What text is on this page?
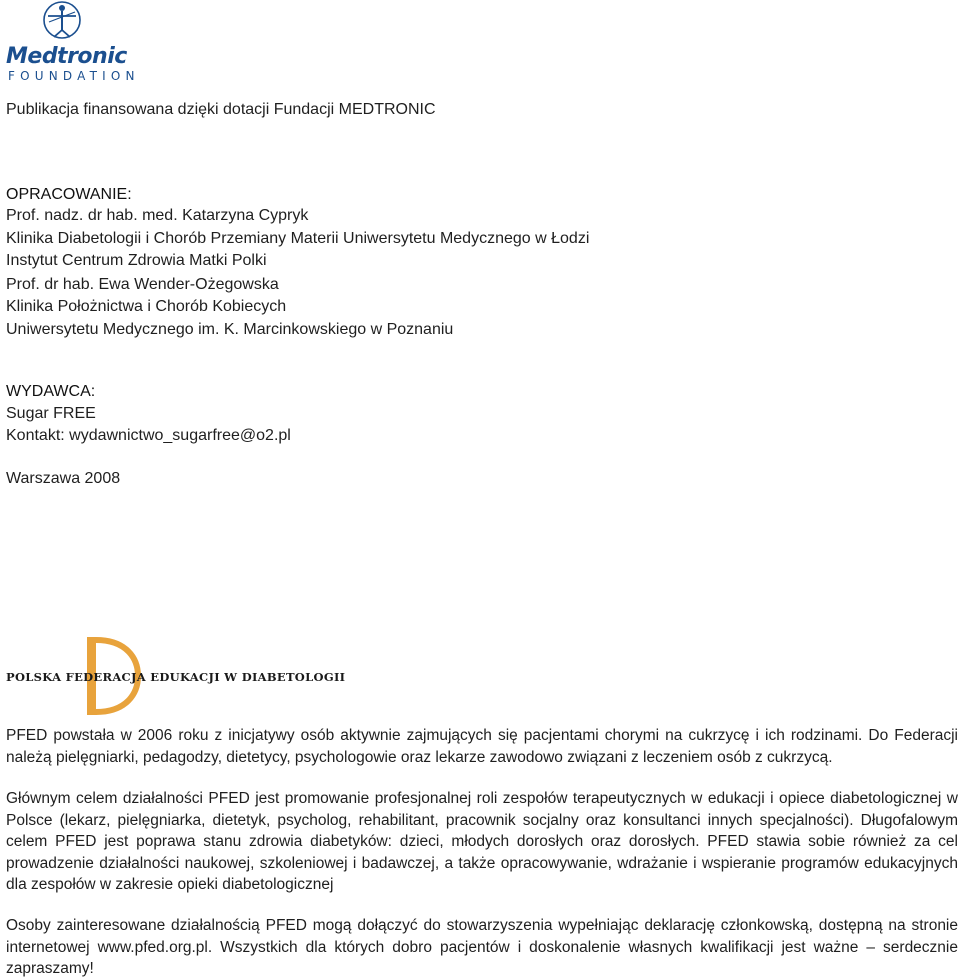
Medtronic
FOUNDATION
Publikacja finansowana dzięki dotacji Fundacji MEDTRONIC
OPRACOWANIE:
Prof. nadz. dr hab. med. Katarzyna Cypryk
Klinika Diabetologii i Chorób Przemiany Materii Uniwersytetu Medycznego w Łodzi
Instytut Centrum Zdrowia Matki Polki
Prof. dr hab. Ewa Wender-Ożegowska
Klinika Położnictwa i Chorób Kobiecych
Uniwersytetu Medycznego im. K. Marcinkowskiego w Poznaniu
WYDAWCA:
Sugar FREE
Kontakt: wydawnictwo_sugarfree@o2.pl
Warszawa 2008
POLSKA FEDERACJA EDUKACJI W DIABETOLOGII
PFED powstała w 2006 roku z inicjatywy osób aktywnie zajmujących się pacjentami chorymi na cukrzycę i ich rodzinami. Do Federacji należą pielęgniarki, pedagodzy, dietetycy, psychologowie oraz lekarze zawodowo związani z leczeniem osób z cukrzycą.
Głównym celem działalności PFED jest promowanie profesjonalnej roli zespołów terapeutycznych w edukacji i opiece diabetologicznej w Polsce (lekarz, pielęgniarka, dietetyk, psycholog, rehabilitant, pracownik socjalny oraz konsultanci innych specjalności). Długofalowym celem PFED jest poprawa stanu zdrowia diabetyków: dzieci, młodych dorosłych oraz dorosłych. PFED stawia sobie również za cel prowadzenie działalności naukowej, szkoleniowej i badawczej, a także opracowywanie, wdrażanie i wspieranie programów edukacyjnych dla zespołów w zakresie opieki diabetologicznej
Osoby zainteresowane działalnością PFED mogą dołączyć do stowarzyszenia wypełniając deklarację członkowską, dostępną na stronie internetowej www.pfed.org.pl. Wszystkich dla których dobro pacjentów i doskonalenie własnych kwalifikacji jest ważne – serdecznie zapraszamy!
